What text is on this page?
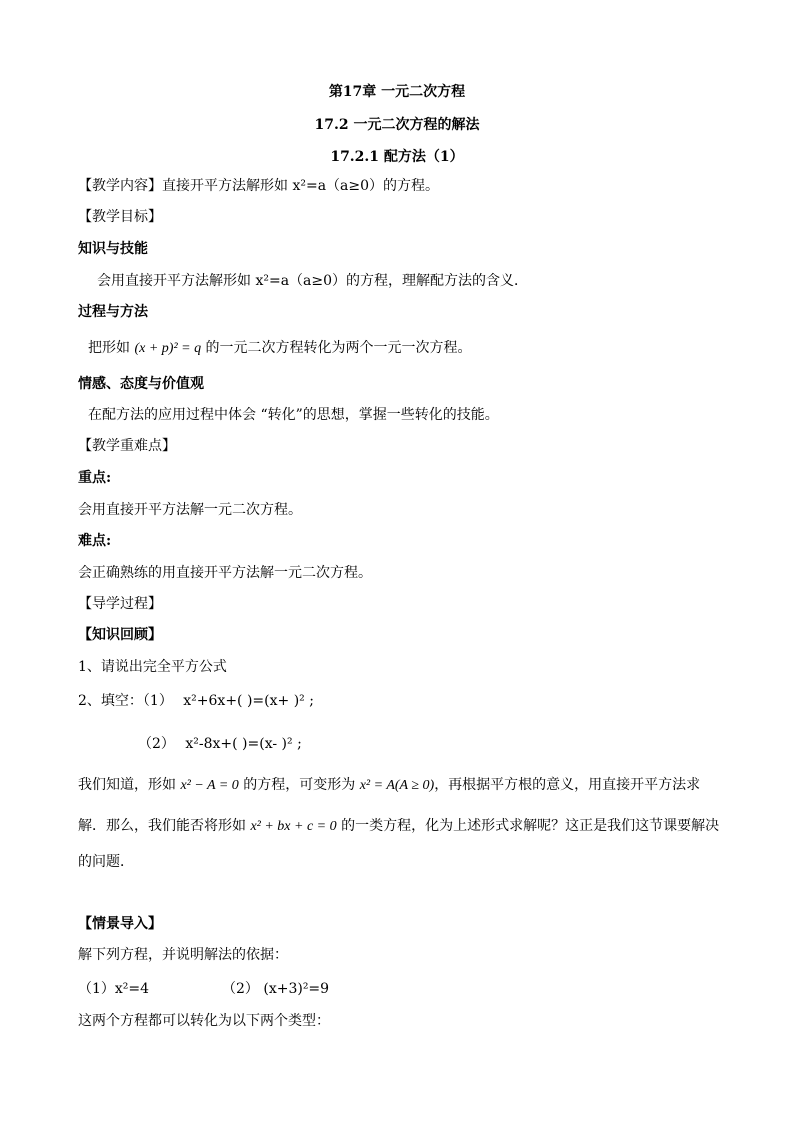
第17章 一元二次方程
17.2 一元二次方程的解法
17.2.1 配方法（1）
【教学内容】直接开平方法解形如 x²=a（a≥0）的方程。
【教学目标】
知识与技能
会用直接开平方法解形如 x²=a（a≥0）的方程，理解配方法的含义．
过程与方法
把形如 (x + p)² = q 的一元二次方程转化为两个一元一次方程。
情感、态度与价值观
在配方法的应用过程中体会 “转化”的思想，掌握一些转化的技能。
【教学重难点】
重点:
会用直接开平方法解一元二次方程。
难点:
会正确熟练的用直接开平方法解一元二次方程。
【导学过程】
【知识回顾】
1、请说出完全平方公式
2、填空：（1） x²+6x+( )=(x+ )² ;
（2） x²-8x+( )=(x- )² ;
我们知道，形如 x² − A = 0 的方程，可变形为 x² = A(A ≥ 0)，再根据平方根的意义，用直接开平方法求
解．那么，我们能否将形如 x² + bx + c = 0 的一类方程，化为上述形式求解呢？这正是我们这节课要解决
的问题．
【情景导入】
解下列方程，并说明解法的依据：
（1）x²=4	（2） (x+3)²=9
这两个方程都可以转化为以下两个类型：
